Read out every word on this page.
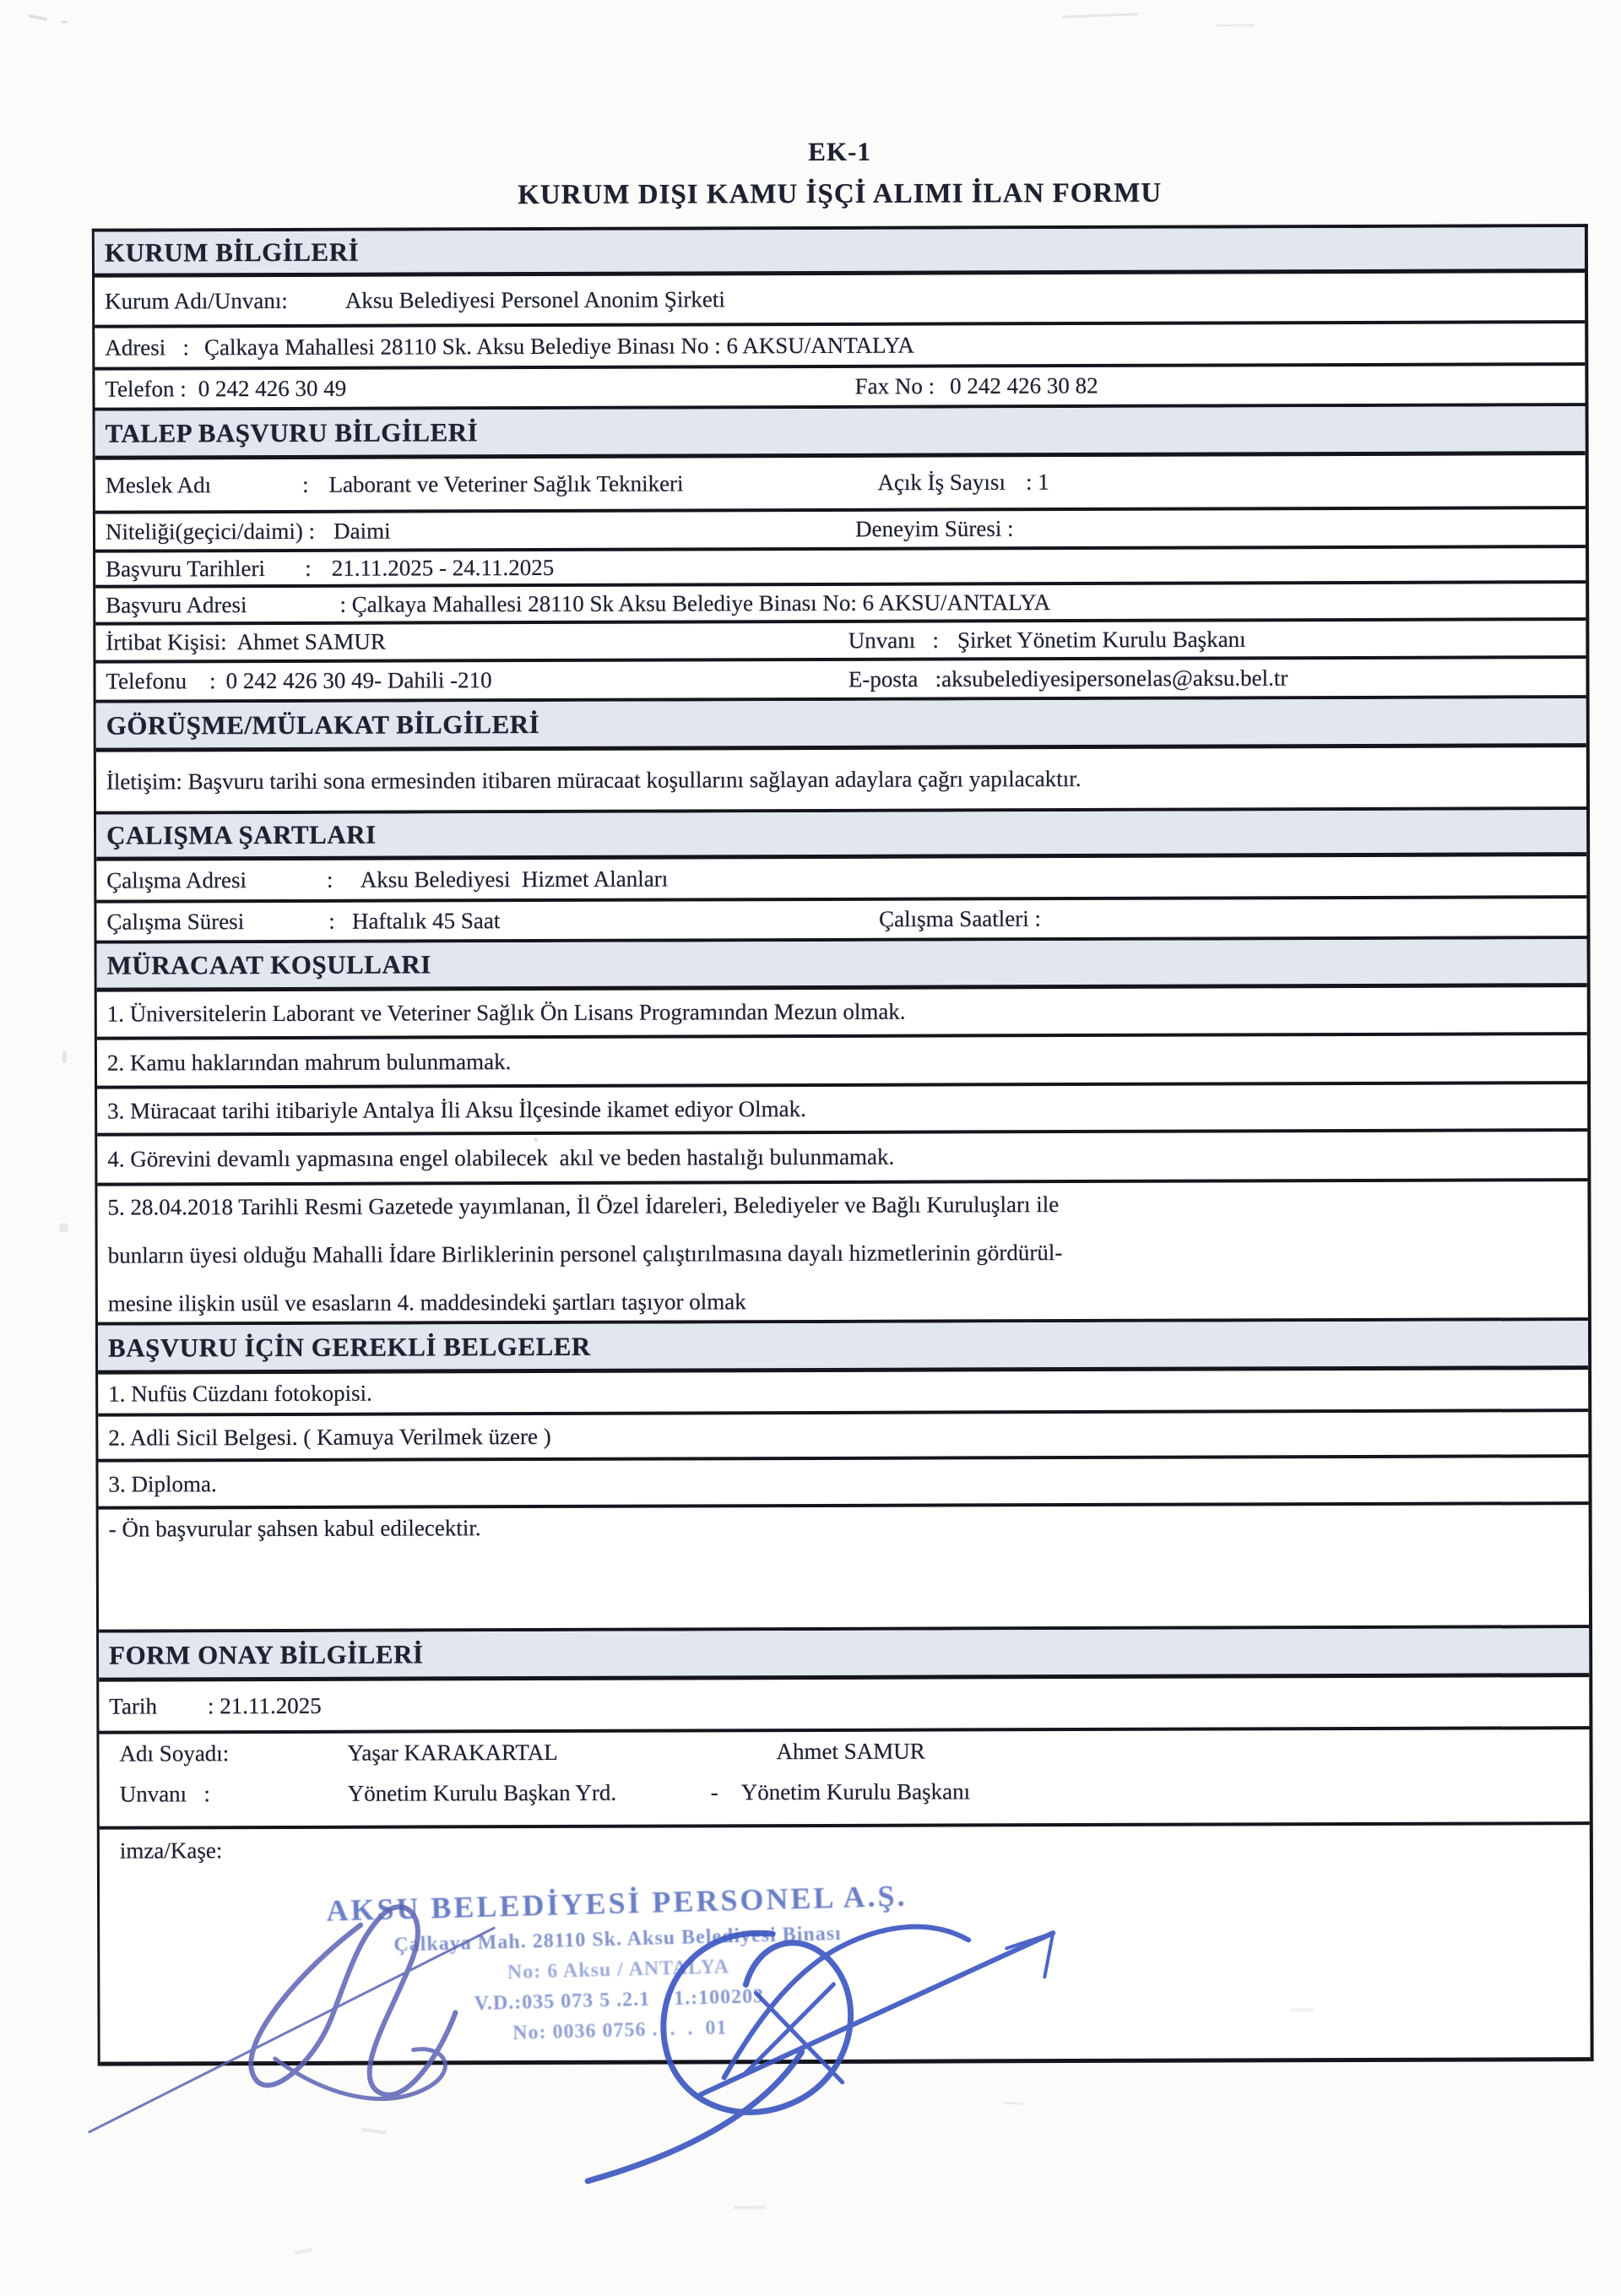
EK-1
KURUM DIŞI KAMU İŞÇİ ALIMI İLAN FORMU
KURUM BİLGİLERİ
Kurum Adı/Unvanı:	Aksu Belediyesi Personel Anonim Şirketi
Adresi   : Çalkaya Mahallesi 28110 Sk. Aksu Belediye Binası No : 6 AKSU/ANTALYA
Telefon : 0 242 426 30 49	Fax No : 0 242 426 30 82
TALEP BAŞVURU BİLGİLERİ
Meslek Adı                : Laborant ve Veteriner Sağlık Teknikeri	Açık İş Sayısı : 1
Niteliği(geçici/daimi) : Daimi	Deneyim Süresi :
Başvuru Tarihleri       : 21.11.2025 - 24.11.2025
Başvuru Adresi	: Çalkaya Mahallesi 28110 Sk Aksu Belediye Binası No: 6 AKSU/ANTALYA
İrtibat Kişisi: Ahmet SAMUR	Unvanı   : Şirket Yönetim Kurulu Başkanı
Telefonu    : 0 242 426 30 49- Dahili -210	E-posta :aksubelediyesipersonelas@aksu.bel.tr
GÖRÜŞME/MÜLAKAT BİLGİLERİ
İletişim: Başvuru tarihi sona ermesinden itibaren müracaat koşullarını sağlayan adaylara çağrı yapılacaktır.
ÇALIŞMA ŞARTLARI
Çalışma Adresi	:     Aksu Belediyesi  Hizmet Alanları
Çalışma Süresi	:   Haftalık 45 Saat	Çalışma Saatleri :
MÜRACAAT KOŞULLARI
1. Üniversitelerin Laborant ve Veteriner Sağlık Ön Lisans Programından Mezun olmak.
2. Kamu haklarından mahrum bulunmamak.
3. Müracaat tarihi itibariyle Antalya İli Aksu İlçesinde ikamet ediyor Olmak.
4. Görevini devamlı yapmasına engel olabilecek  akıl ve beden hastalığı bulunmamak.
5. 28.04.2018 Tarihli Resmi Gazetede yayımlanan, İl Özel İdareleri, Belediyeler ve Bağlı Kuruluşları ile
bunların üyesi olduğu Mahalli İdare Birliklerinin personel çalıştırılmasına dayalı hizmetlerinin gördürül-
mesine ilişkin usül ve esasların 4. maddesindeki şartları taşıyor olmak
BAŞVURU İÇİN GEREKLİ BELGELER
1. Nufüs Cüzdanı fotokopisi.
2. Adli Sicil Belgesi. ( Kamuya Verilmek üzere )
3. Diploma.
- Ön başvurular şahsen kabul edilecektir.
FORM ONAY BİLGİLERİ
Tarih : 21.11.2025
Adı Soyadı:	Yaşar KARAKARTAL	Ahmet SAMUR
Unvanı   :	Yönetim Kurulu Başkan Yrd.	- Yönetim Kurulu Başkanı
imza/Kaşe:
AKSU BELEDİYESİ PERSONEL A.Ş.
Çalkaya Mah. 28110 Sk. Aksu Belediyesi Binası
No: 6 Aksu / ANTALYA
V.D.:035 073 5 .2.1    1.:100203
No: 0036 0756 .  .  .  01
